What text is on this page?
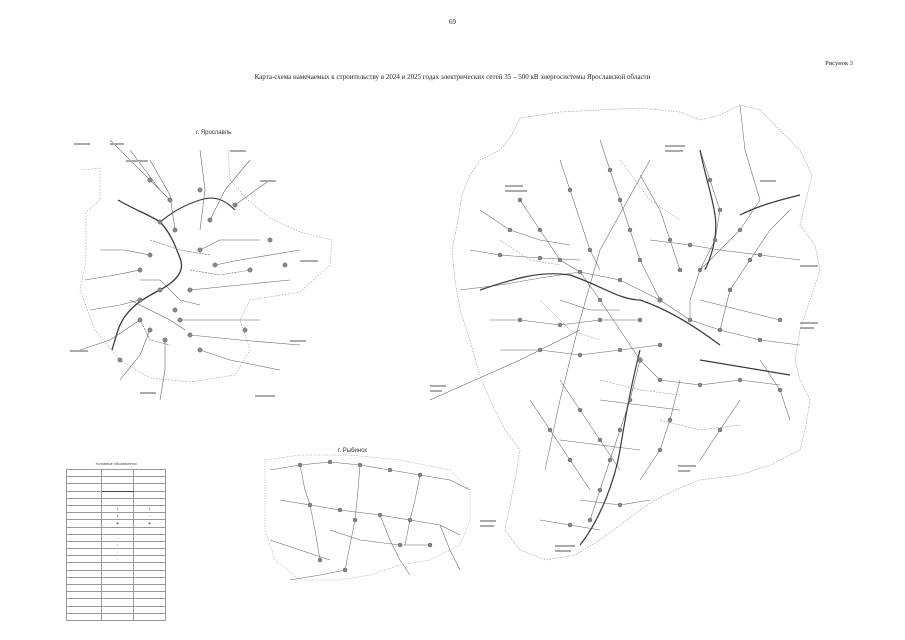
69
Рисунок 3
Карта-схема намечаемых к строительству в 2024 и 2025 годах электрических сетей 35 – 500 кВ энергосистемы Ярославской области
г. Ярославль
г. Рыбинск
Условные обозначения

	●	●
	●	○
	◉	◉

	○	
	▪	
	▫	
	○	
